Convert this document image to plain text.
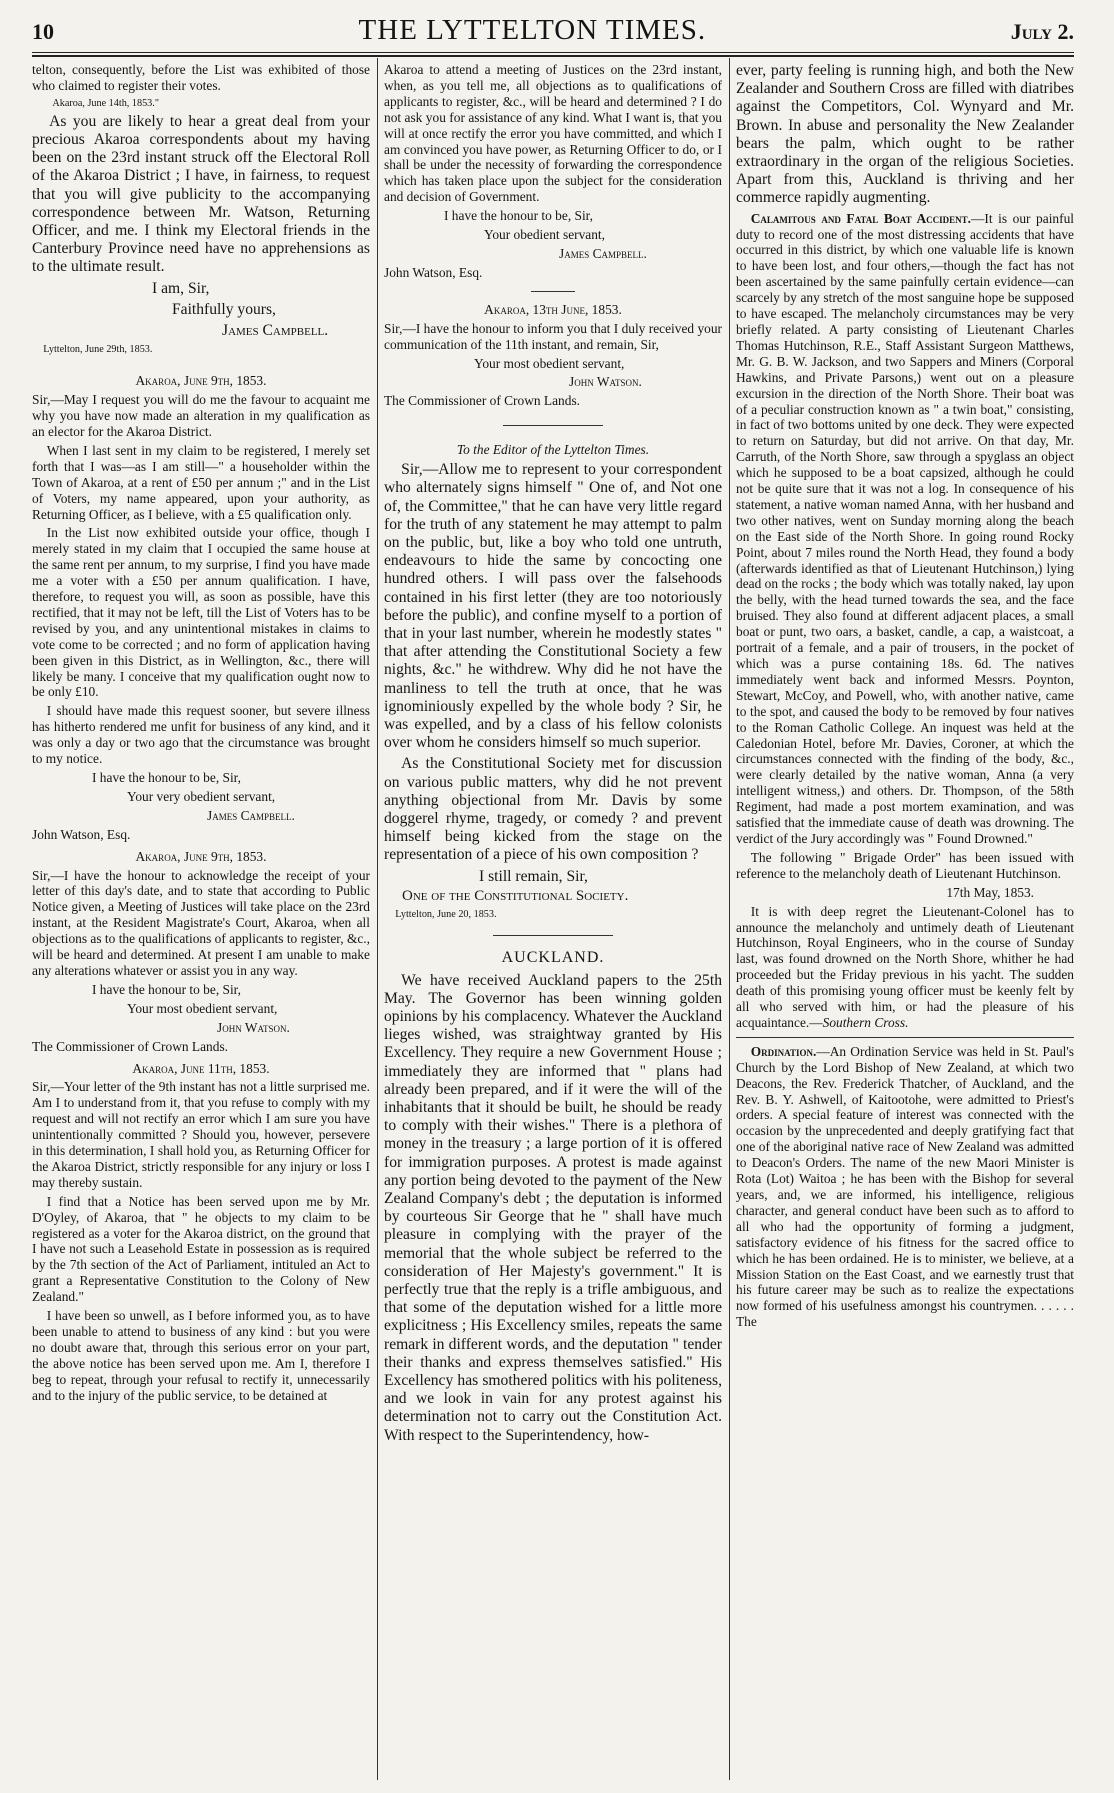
10	THE LYTTELTON TIMES.	July 2.

telton, consequently, before the List was exhibited of those who claimed to register their votes.

Akaroa, June 14th, 1853."

As you are likely to hear a great deal from your precious Akaroa correspondents about my having been on the 23rd instant struck off the Electoral Roll of the Akaroa District ; I have, in fairness, to request that you will give publicity to the accompanying correspondence between Mr. Watson, Returning Officer, and me. I think my Electoral friends in the Canterbury Province need have no apprehensions as to the ultimate result.

I am, Sir,

Faithfully yours,

James Campbell.

Lyttelton, June 29th, 1853.

Akaroa, June 9th, 1853.

Sir,—May I request you will do me the favour to acquaint me why you have now made an alteration in my qualification as an elector for the Akaroa District.

When I last sent in my claim to be registered, I merely set forth that I was—as I am still—" a householder within the Town of Akaroa, at a rent of £50 per annum ;" and in the List of Voters, my name appeared, upon your authority, as Returning Officer, as I believe, with a £5 qualification only.

In the List now exhibited outside your office, though I merely stated in my claim that I occupied the same house at the same rent per annum, to my surprise, I find you have made me a voter with a £50 per annum qualification. I have, therefore, to request you will, as soon as possible, have this rectified, that it may not be left, till the List of Voters has to be revised by you, and any unintentional mistakes in claims to vote come to be corrected ; and no form of application having been given in this District, as in Wellington, &c., there will likely be many. I conceive that my qualification ought now to be only £10.

I should have made this request sooner, but severe illness has hitherto rendered me unfit for business of any kind, and it was only a day or two ago that the circumstance was brought to my notice.

I have the honour to be, Sir,

Your very obedient servant,

James Campbell.

John Watson, Esq.

Akaroa, June 9th, 1853.

Sir,—I have the honour to acknowledge the receipt of your letter of this day's date, and to state that according to Public Notice given, a Meeting of Justices will take place on the 23rd instant, at the Resident Magistrate's Court, Akaroa, when all objections as to the qualifications of applicants to register, &c., will be heard and determined. At present I am unable to make any alterations whatever or assist you in any way.

I have the honour to be, Sir,

Your most obedient servant,

John Watson.

The Commissioner of Crown Lands.

Akaroa, June 11th, 1853.

Sir,—Your letter of the 9th instant has not a little surprised me. Am I to understand from it, that you refuse to comply with my request and will not rectify an error which I am sure you have unintentionally committed ? Should you, however, persevere in this determination, I shall hold you, as Returning Officer for the Akaroa District, strictly responsible for any injury or loss I may thereby sustain.

I find that a Notice has been served upon me by Mr. D'Oyley, of Akaroa, that " he objects to my claim to be registered as a voter for the Akaroa district, on the ground that I have not such a Leasehold Estate in possession as is required by the 7th section of the Act of Parliament, intituled an Act to grant a Representative Constitution to the Colony of New Zealand."

I have been so unwell, as I before informed you, as to have been unable to attend to business of any kind : but you were no doubt aware that, through this serious error on your part, the above notice has been served upon me. Am I, therefore I beg to repeat, through your refusal to rectify it, unnecessarily and to the injury of the public service, to be detained at

Akaroa to attend a meeting of Justices on the 23rd instant, when, as you tell me, all objections as to qualifications of applicants to register, &c., will be heard and determined ? I do not ask you for assistance of any kind. What I want is, that you will at once rectify the error you have committed, and which I am convinced you have power, as Returning Officer to do, or I shall be under the necessity of forwarding the correspondence which has taken place upon the subject for the consideration and decision of Government.

I have the honour to be, Sir,

Your obedient servant,

James Campbell.

John Watson, Esq.

Akaroa, 13th June, 1853.

Sir,—I have the honour to inform you that I duly received your communication of the 11th instant, and remain, Sir,

Your most obedient servant,

John Watson.

The Commissioner of Crown Lands.

To the Editor of the Lyttelton Times.

Sir,—Allow me to represent to your correspondent who alternately signs himself " One of, and Not one of, the Committee," that he can have very little regard for the truth of any statement he may attempt to palm on the public, but, like a boy who told one untruth, endeavours to hide the same by concocting one hundred others. I will pass over the falsehoods contained in his first letter (they are too notoriously before the public), and confine myself to a portion of that in your last number, wherein he modestly states " that after attending the Constitutional Society a few nights, &c." he withdrew. Why did he not have the manliness to tell the truth at once, that he was ignominiously expelled by the whole body ? Sir, he was expelled, and by a class of his fellow colonists over whom he considers himself so much superior.

As the Constitutional Society met for discussion on various public matters, why did he not prevent anything objectional from Mr. Davis by some doggerel rhyme, tragedy, or comedy ? and prevent himself being kicked from the stage on the representation of a piece of his own composition ?

I still remain, Sir,

One of the Constitutional Society.

Lyttelton, June 20, 1853.

AUCKLAND.

We have received Auckland papers to the 25th May. The Governor has been winning golden opinions by his complacency. Whatever the Auckland lieges wished, was straightway granted by His Excellency. They require a new Government House ; immediately they are informed that " plans had already been prepared, and if it were the will of the inhabitants that it should be built, he should be ready to comply with their wishes." There is a plethora of money in the treasury ; a large portion of it is offered for immigration purposes. A protest is made against any portion being devoted to the payment of the New Zealand Company's debt ; the deputation is informed by courteous Sir George that he " shall have much pleasure in complying with the prayer of the memorial that the whole subject be referred to the consideration of Her Majesty's government." It is perfectly true that the reply is a trifle ambiguous, and that some of the deputation wished for a little more explicitness ; His Excellency smiles, repeats the same remark in different words, and the deputation " tender their thanks and express themselves satisfied." His Excellency has smothered politics with his politeness, and we look in vain for any protest against his determination not to carry out the Constitution Act. With respect to the Superintendency, how-

ever, party feeling is running high, and both the New Zealander and Southern Cross are filled with diatribes against the Competitors, Col. Wynyard and Mr. Brown. In abuse and personality the New Zealander bears the palm, which ought to be rather extraordinary in the organ of the religious Societies. Apart from this, Auckland is thriving and her commerce rapidly augmenting.

Calamitous and Fatal Boat Accident.—It is our painful duty to record one of the most distressing accidents that have occurred in this district, by which one valuable life is known to have been lost, and four others,—though the fact has not been ascertained by the same painfully certain evidence—can scarcely by any stretch of the most sanguine hope be supposed to have escaped. The melancholy circumstances may be very briefly related. A party consisting of Lieutenant Charles Thomas Hutchinson, R.E., Staff Assistant Surgeon Matthews, Mr. G. B. W. Jackson, and two Sappers and Miners (Corporal Hawkins, and Private Parsons,) went out on a pleasure excursion in the direction of the North Shore. Their boat was of a peculiar construction known as " a twin boat," consisting, in fact of two bottoms united by one deck. They were expected to return on Saturday, but did not arrive. On that day, Mr. Carruth, of the North Shore, saw through a spyglass an object which he supposed to be a boat capsized, although he could not be quite sure that it was not a log. In consequence of his statement, a native woman named Anna, with her husband and two other natives, went on Sunday morning along the beach on the East side of the North Shore. In going round Rocky Point, about 7 miles round the North Head, they found a body (afterwards identified as that of Lieutenant Hutchinson,) lying dead on the rocks ; the body which was totally naked, lay upon the belly, with the head turned towards the sea, and the face bruised. They also found at different adjacent places, a small boat or punt, two oars, a basket, candle, a cap, a waistcoat, a portrait of a female, and a pair of trousers, in the pocket of which was a purse containing 18s. 6d. The natives immediately went back and informed Messrs. Poynton, Stewart, McCoy, and Powell, who, with another native, came to the spot, and caused the body to be removed by four natives to the Roman Catholic College. An inquest was held at the Caledonian Hotel, before Mr. Davies, Coroner, at which the circumstances connected with the finding of the body, &c., were clearly detailed by the native woman, Anna (a very intelligent witness,) and others. Dr. Thompson, of the 58th Regiment, had made a post mortem examination, and was satisfied that the immediate cause of death was drowning. The verdict of the Jury accordingly was " Found Drowned."

The following " Brigade Order" has been issued with reference to the melancholy death of Lieutenant Hutchinson.

17th May, 1853.

It is with deep regret the Lieutenant-Colonel has to announce the melancholy and untimely death of Lieutenant Hutchinson, Royal Engineers, who in the course of Sunday last, was found drowned on the North Shore, whither he had proceeded but the Friday previous in his yacht. The sudden death of this promising young officer must be keenly felt by all who served with him, or had the pleasure of his acquaintance.—Southern Cross.

Ordination.—An Ordination Service was held in St. Paul's Church by the Lord Bishop of New Zealand, at which two Deacons, the Rev. Frederick Thatcher, of Auckland, and the Rev. B. Y. Ashwell, of Kaitootohe, were admitted to Priest's orders. A special feature of interest was connected with the occasion by the unprecedented and deeply gratifying fact that one of the aboriginal native race of New Zealand was admitted to Deacon's Orders. The name of the new Maori Minister is Rota (Lot) Waitoa ; he has been with the Bishop for several years, and, we are informed, his intelligence, religious character, and general conduct have been such as to afford to all who had the opportunity of forming a judgment, satisfactory evidence of his fitness for the sacred office to which he has been ordained. He is to minister, we believe, at a Mission Station on the East Coast, and we earnestly trust that his future career may be such as to realize the expectations now formed of his usefulness amongst his countrymen. . . . . . The
